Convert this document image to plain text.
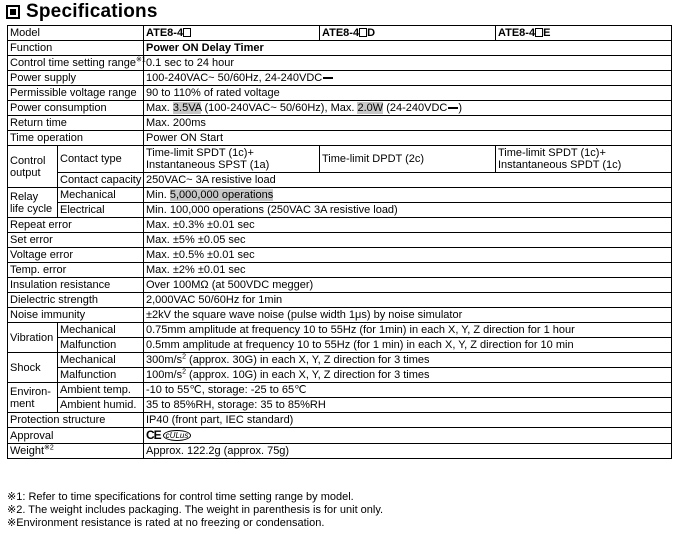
Specifications
Model		ATE8-4	ATE8-4 D	ATE8-4 E
Function		Power ON Delay Timer		
Control time setting range$^{※1}$		0.1 sec to 24 hour		
Power supply		100-240VAC~ 50/60Hz, 24-240VDC		
Permissible voltage range		90 to 110% of rated voltage		
Power consumption		Max. 3.5VA (100-240VAC~ 50/60Hz), Max. 2.0W (24-240VDC )		
Return time		Max. 200ms		
Time operation		Power ON Start		
Control output	Contact type	Time-limit SPDT (1c)+ Instantaneous SPST (1a)	Time-limit DPDT (2c)	Time-limit SPDT (1c)+ Instantaneous SPDT (1c)
	Contact capacity	250VAC~ 3A resistive load		
Relay life cycle	Mechanical	Min. 5,000,000 operations		
	Electrical	Min. 100,000 operations (250VAC 3A resistive load)		
Repeat error		Max. ±0.3% ±0.01 sec		
Set error		Max. ±5% ±0.05 sec		
Voltage error		Max. ±0.5% ±0.01 sec		
Temp. error		Max. ±2% ±0.01 sec		
Insulation resistance		Over 100MΩ (at 500VDC megger)		
Dielectric strength		2,000VAC 50/60Hz for 1min		
Noise immunity		±2kV the square wave noise (pulse width 1μs) by noise simulator		
Vibration	Mechanical	0.75mm amplitude at frequency 10 to 55Hz (for 1min) in each X, Y, Z direction for 1 hour		
	Malfunction	0.5mm amplitude at frequency 10 to 55Hz (for 1 min) in each X, Y, Z direction for 10 min		
Shock	Mechanical	$300m/s^2$ (approx. 30G) in each X, Y, Z direction for 3 times		
	Malfunction	$100m/s^2$ (approx. 10G) in each X, Y, Z direction for 3 times		
Environ-ment	Ambient temp.	-10 to 55℃, storage: -25 to 65℃		
	Ambient humid.	35 to 85%RH, storage: 35 to 85%RH		
Protection structure		IP40 (front part, IEC standard)		
Approval		CE cULus		

Weight$^{※2}$		Approx. 122.2g (approx. 75g)		
※1: Refer to time specifications for control time setting range by model.
※2. The weight includes packaging. The weight in parenthesis is for unit only.
※Environment resistance is rated at no freezing or condensation.
